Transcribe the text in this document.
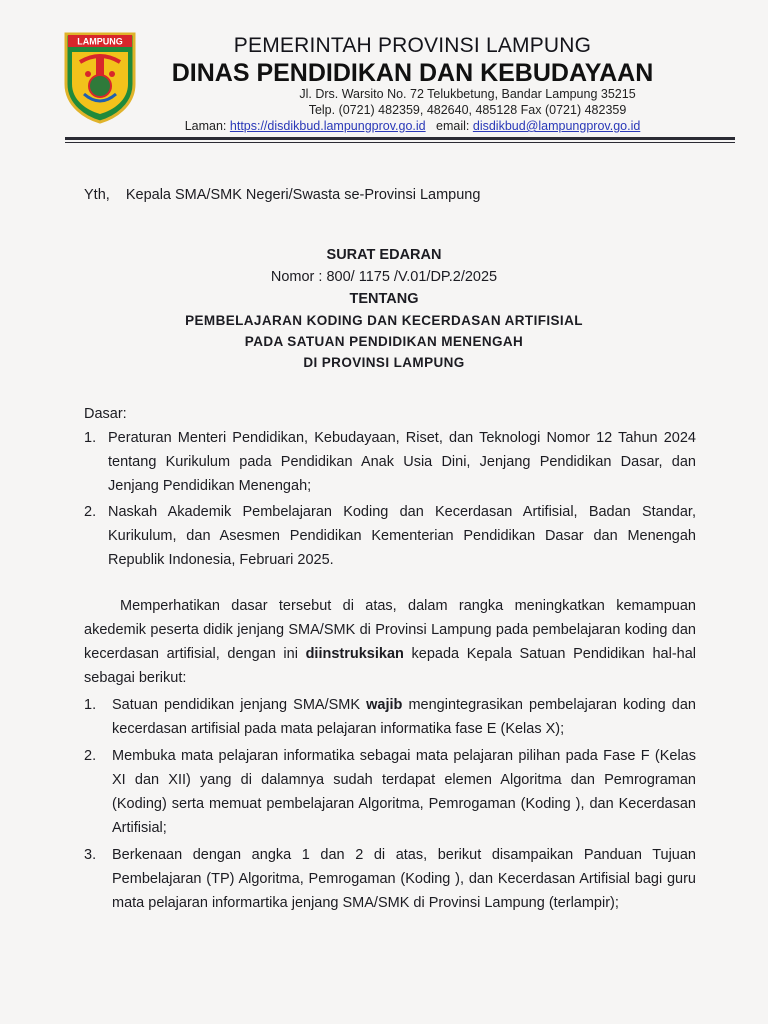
LAMPUNG	PEMERINTAH PROVINSI LAMPUNG
DINAS PENDIDIKAN DAN KEBUDAYAAN
Jl. Drs. Warsito No. 72 Telukbetung, Bandar Lampung 35215
Telp. (0721) 482359, 482640, 485128 Fax (0721) 482359
Laman: https://disdikbud.lampungprov.go.id email: disdikbud@lampungprov.go.id
Yth, Kepala SMA/SMK Negeri/Swasta se-Provinsi Lampung
SURAT EDARAN
Nomor : 800/ 1175 /V.01/DP.2/2025
TENTANG
PEMBELAJARAN KODING DAN KECERDASAN ARTIFISIAL
PADA SATUAN PENDIDIKAN MENENGAH
DI PROVINSI LAMPUNG
Dasar:
1. Peraturan Menteri Pendidikan, Kebudayaan, Riset, dan Teknologi Nomor 12 Tahun 2024 tentang Kurikulum pada Pendidikan Anak Usia Dini, Jenjang Pendidikan Dasar, dan Jenjang Pendidikan Menengah;
2. Naskah Akademik Pembelajaran Koding dan Kecerdasan Artifisial, Badan Standar, Kurikulum, dan Asesmen Pendidikan Kementerian Pendidikan Dasar dan Menengah Republik Indonesia, Februari 2025.
Memperhatikan dasar tersebut di atas, dalam rangka meningkatkan kemampuan akedemik peserta didik jenjang SMA/SMK di Provinsi Lampung pada pembelajaran koding dan kecerdasan artifisial, dengan ini diinstruksikan kepada Kepala Satuan Pendidikan hal-hal sebagai berikut:
1. Satuan pendidikan jenjang SMA/SMK wajib mengintegrasikan pembelajaran koding dan kecerdasan artifisial pada mata pelajaran informatika fase E (Kelas X);
2. Membuka mata pelajaran informatika sebagai mata pelajaran pilihan pada Fase F (Kelas XI dan XII) yang di dalamnya sudah terdapat elemen Algoritma dan Pemrograman (Koding) serta memuat pembelajaran Algoritma, Pemrogaman (Koding ), dan Kecerdasan Artifisial;
3. Berkenaan dengan angka 1 dan 2 di atas, berikut disampaikan Panduan Tujuan Pembelajaran (TP) Algoritma, Pemrogaman (Koding ), dan Kecerdasan Artifisial bagi guru mata pelajaran informartika jenjang SMA/SMK di Provinsi Lampung (terlampir);
